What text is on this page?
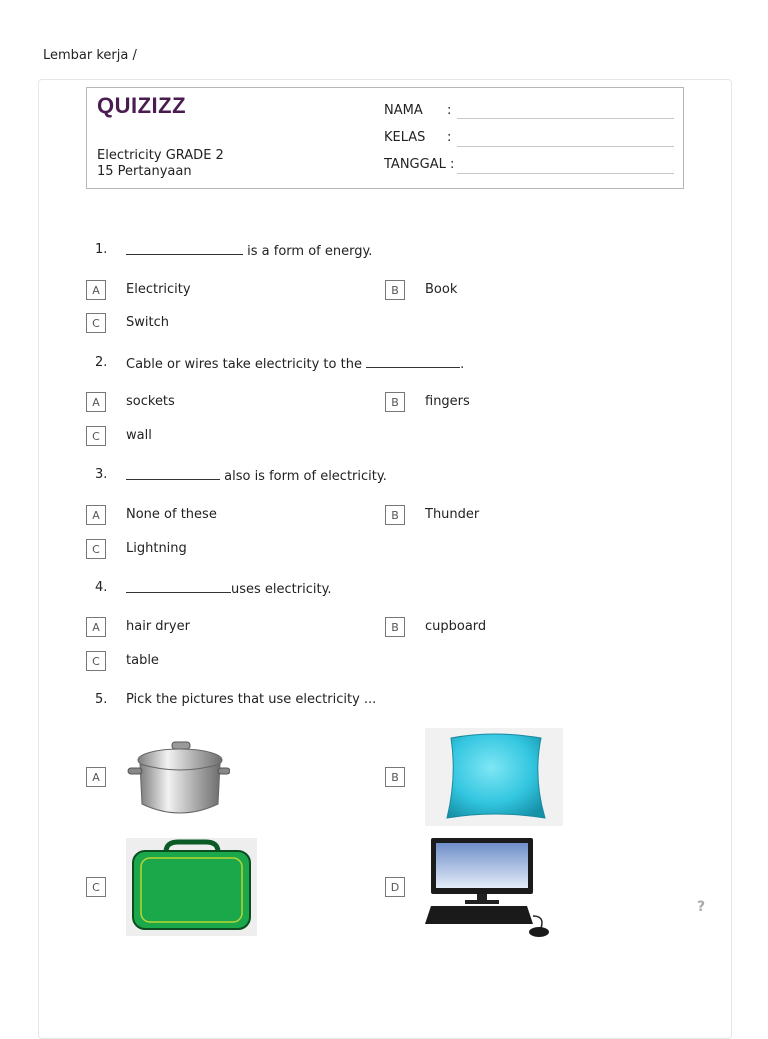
Lembar kerja /
QUIZIZZ
Electricity GRADE 2
15 Pertanyaan
NAMA :
KELAS :
TANGGAL :
1.	is a form of energy.
A	Electricity	B	Book
C	Switch
2. Cable or wires take electricity to the	.
A	sockets	B	fingers
C	wall
3.	also is form of electricity.
A	None of these	B	Thunder
C	Lightning
4.	uses electricity.
A	hair dryer	B	cupboard
C	table
5. Pick the pictures that use electricity ...
A	B
C	D
?
